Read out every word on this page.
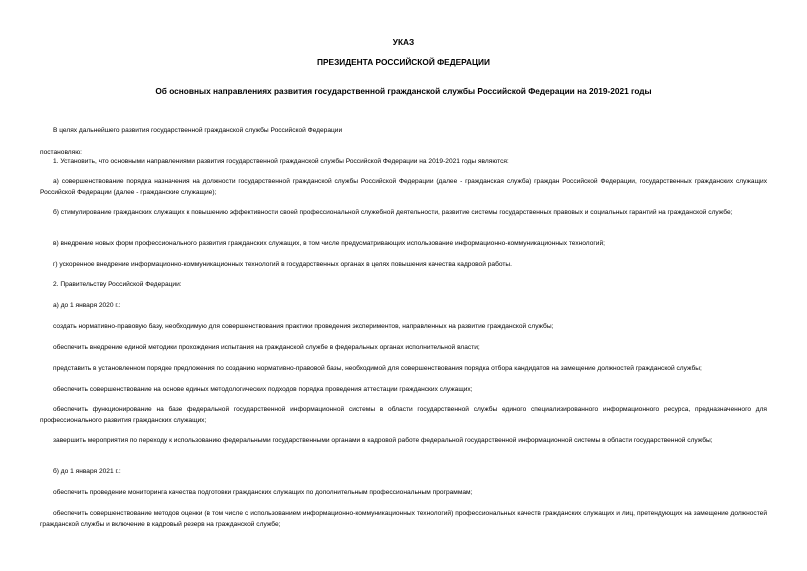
УКАЗ
ПРЕЗИДЕНТА РОССИЙСКОЙ ФЕДЕРАЦИИ
Об основных направлениях развития государственной гражданской службы Российской Федерации на 2019-2021 годы
В целях дальнейшего развития государственной гражданской службы Российской Федерации
постановляю:
1. Установить, что основными направлениями развития государственной гражданской службы Российской Федерации на 2019-2021 годы являются:
а) совершенствование порядка назначения на должности государственной гражданской службы Российской Федерации (далее - гражданская служба) граждан Российской Федерации, государственных гражданских служащих Российской Федерации (далее - гражданские служащие);
б) стимулирование гражданских служащих к повышению эффективности своей профессиональной служебной деятельности, развитие системы государственных правовых и социальных гарантий на гражданской службе;
в) внедрение новых форм профессионального развития гражданских служащих, в том числе предусматривающих использование информационно-коммуникационных технологий;
г) ускоренное внедрение информационно-коммуникационных технологий в государственных органах в целях повышения качества кадровой работы.
2. Правительству Российской Федерации:
а) до 1 января 2020 г.:
создать нормативно-правовую базу, необходимую для совершенствования практики проведения экспериментов, направленных на развитие гражданской службы;
обеспечить внедрение единой методики прохождения испытания на гражданской службе в федеральных органах исполнительной власти;
представить в установленном порядке предложения по созданию нормативно-правовой базы, необходимой для совершенствования порядка отбора кандидатов на замещение должностей гражданской службы;
обеспечить совершенствование на основе единых методологических подходов порядка проведения аттестации гражданских служащих;
обеспечить функционирование на базе федеральной государственной информационной системы в области государственной службы единого специализированного информационного ресурса, предназначенного для профессионального развития гражданских служащих;
завершить мероприятия по переходу к использованию федеральными государственными органами в кадровой работе федеральной государственной информационной системы в области государственной службы;
б) до 1 января 2021 г.:
обеспечить проведение мониторинга качества подготовки гражданских служащих по дополнительным профессиональным программам;
обеспечить совершенствование методов оценки (в том числе с использованием информационно-коммуникационных технологий) профессиональных качеств гражданских служащих и лиц, претендующих на замещение должностей гражданской службы и включение в кадровый резерв на гражданской службе;
